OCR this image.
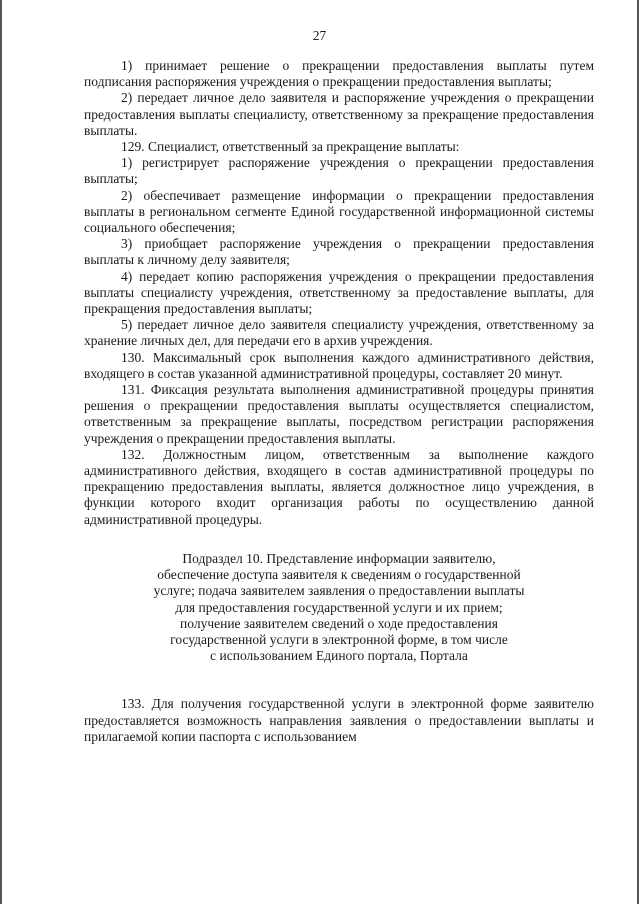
27

1) принимает решение о прекращении предоставления выплаты путем подписания распоряжения учреждения о прекращении предоставления выплаты;

2) передает личное дело заявителя и распоряжение учреждения о прекращении предоставления выплаты специалисту, ответственному за прекращение предоставления выплаты.

129. Специалист, ответственный за прекращение выплаты:

1) регистрирует распоряжение учреждения о прекращении предоставления выплаты;

2) обеспечивает размещение информации о прекращении предоставления выплаты в региональном сегменте Единой государственной информационной системы социального обеспечения;

3) приобщает распоряжение учреждения о прекращении предоставления выплаты к личному делу заявителя;

4) передает копию распоряжения учреждения о прекращении предоставления выплаты специалисту учреждения, ответственному за предоставление выплаты, для прекращения предоставления выплаты;

5) передает личное дело заявителя специалисту учреждения, ответственному за хранение личных дел, для передачи его в архив учреждения.

130. Максимальный срок выполнения каждого административного действия, входящего в состав указанной административной процедуры, составляет 20 минут.

131. Фиксация результата выполнения административной процедуры принятия решения о прекращении предоставления выплаты осуществляется специалистом, ответственным за прекращение выплаты, посредством регистрации распоряжения учреждения о прекращении предоставления выплаты.

132. Должностным лицом, ответственным за выполнение каждого административного действия, входящего в состав административной процедуры по прекращению предоставления выплаты, является должностное лицо учреждения, в функции которого входит организация работы по осуществлению данной административной процедуры.

Подраздел 10. Представление информации заявителю,
обеспечение доступа заявителя к сведениям о государственной
услуге; подача заявителем заявления о предоставлении выплаты
для предоставления государственной услуги и их прием;
получение заявителем сведений о ходе предоставления
государственной услуги в электронной форме, в том числе
с использованием Единого портала, Портала

133. Для получения государственной услуги в электронной форме заявителю предоставляется возможность направления заявления о предоставлении выплаты и прилагаемой копии паспорта с использованием
